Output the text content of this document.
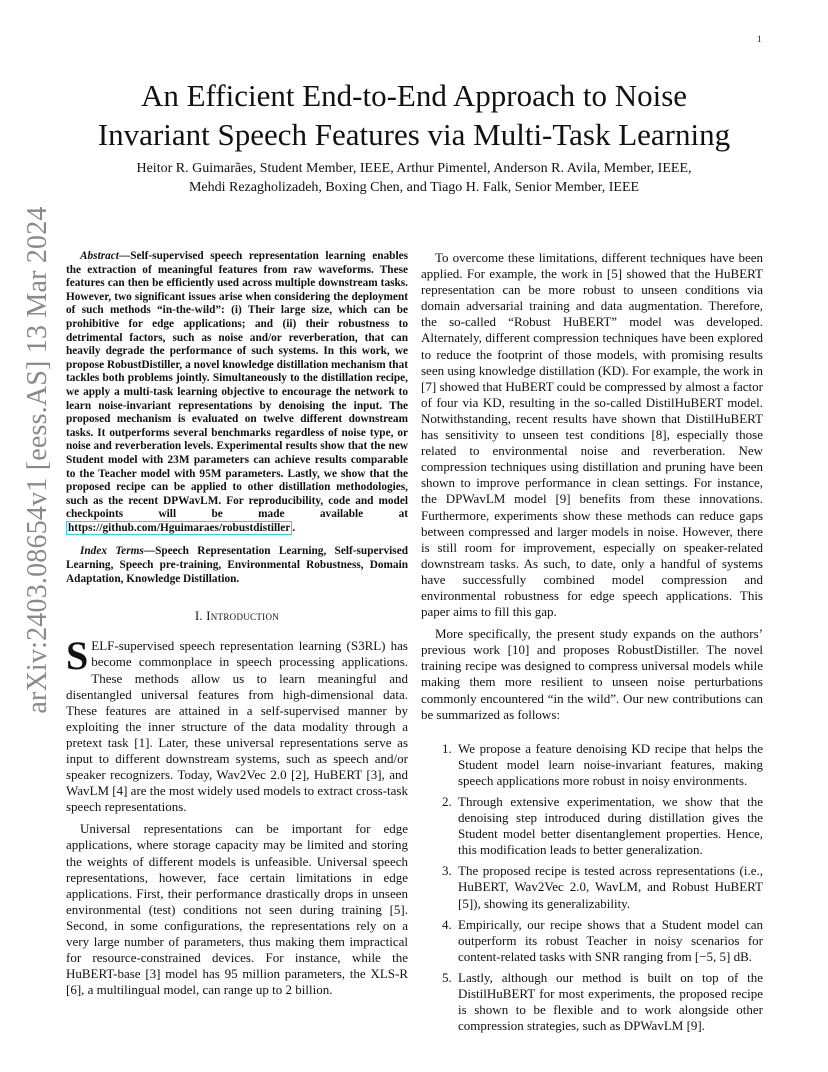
1
arXiv:2403.08654v1 [eess.AS] 13 Mar 2024
An Efficient End-to-End Approach to Noise
Invariant Speech Features via Multi-Task Learning
Heitor R. Guimarães, Student Member, IEEE, Arthur Pimentel, Anderson R. Avila, Member, IEEE,
Mehdi Rezagholizadeh, Boxing Chen, and Tiago H. Falk, Senior Member, IEEE

Abstract—Self-supervised speech representation learning enables the extraction of meaningful features from raw waveforms. These features can then be efficiently used across multiple downstream tasks. However, two significant issues arise when considering the deployment of such methods “in-the-wild”: (i) Their large size, which can be prohibitive for edge applications; and (ii) their robustness to detrimental factors, such as noise and/or reverberation, that can heavily degrade the performance of such systems. In this work, we propose RobustDistiller, a novel knowledge distillation mechanism that tackles both problems jointly. Simultaneously to the distillation recipe, we apply a multi-task learning objective to encourage the network to learn noise-invariant representations by denoising the input. The proposed mechanism is evaluated on twelve different downstream tasks. It outperforms several benchmarks regardless of noise type, or noise and reverberation levels. Experimental results show that the new Student model with 23M parameters can achieve results comparable to the Teacher model with 95M parameters. Lastly, we show that the proposed recipe can be applied to other distillation methodologies, such as the recent DPWavLM. For reproducibility, code and model checkpoints will be made available at https://github.com/Hguimaraes/robustdistiller .

Index Terms—Speech Representation Learning, Self-supervised Learning, Speech pre-training, Environmental Robustness, Domain Adaptation, Knowledge Distillation.

I. Introduction

SELF-supervised speech representation learning (S3RL) has become commonplace in speech processing applications. These methods allow us to learn meaningful and disentangled universal features from high-dimensional data. These features are attained in a self-supervised manner by exploiting the inner structure of the data modality through a pretext task [1]. Later, these universal representations serve as input to different downstream systems, such as speech and/or speaker recognizers. Today, Wav2Vec 2.0 [2], HuBERT [3], and WavLM [4] are the most widely used models to extract cross-task speech representations.

Universal representations can be important for edge applications, where storage capacity may be limited and storing the weights of different models is unfeasible. Universal speech representations, however, face certain limitations in edge applications. First, their performance drastically drops in unseen environmental (test) conditions not seen during training [5]. Second, in some configurations, the representations rely on a very large number of parameters, thus making them impractical for resource-constrained devices. For instance, while the HuBERT-base [3] model has 95 million parameters, the XLS-R [6], a multilingual model, can range up to 2 billion.

To overcome these limitations, different techniques have been applied. For example, the work in [5] showed that the HuBERT representation can be more robust to unseen conditions via domain adversarial training and data augmentation. Therefore, the so-called “Robust HuBERT” model was developed. Alternately, different compression techniques have been explored to reduce the footprint of those models, with promising results seen using knowledge distillation (KD). For example, the work in [7] showed that HuBERT could be compressed by almost a factor of four via KD, resulting in the so-called DistilHuBERT model. Notwithstanding, recent results have shown that DistilHuBERT has sensitivity to unseen test conditions [8], especially those related to environmental noise and reverberation. New compression techniques using distillation and pruning have been shown to improve performance in clean settings. For instance, the DPWavLM model [9] benefits from these innovations. Furthermore, experiments show these methods can reduce gaps between compressed and larger models in noise. However, there is still room for improvement, especially on speaker-related downstream tasks. As such, to date, only a handful of systems have successfully combined model compression and environmental robustness for edge speech applications. This paper aims to fill this gap.

More specifically, the present study expands on the authors’ previous work [10] and proposes RobustDistiller. The novel training recipe was designed to compress universal models while making them more resilient to unseen noise perturbations commonly encountered “in the wild”. Our new contributions can be summarized as follows:

1. We propose a feature denoising KD recipe that helps the Student model learn noise-invariant features, making speech applications more robust in noisy environments.
2. Through extensive experimentation, we show that the denoising step introduced during distillation gives the Student model better disentanglement properties. Hence, this modification leads to better generalization.
3. The proposed recipe is tested across representations (i.e., HuBERT, Wav2Vec 2.0, WavLM, and Robust HuBERT [5]), showing its generalizability.
4. Empirically, our recipe shows that a Student model can outperform its robust Teacher in noisy scenarios for content-related tasks with SNR ranging from [−5, 5] dB.
5. Lastly, although our method is built on top of the DistilHuBERT for most experiments, the proposed recipe is shown to be flexible and to work alongside other compression strategies, such as DPWavLM [9].
